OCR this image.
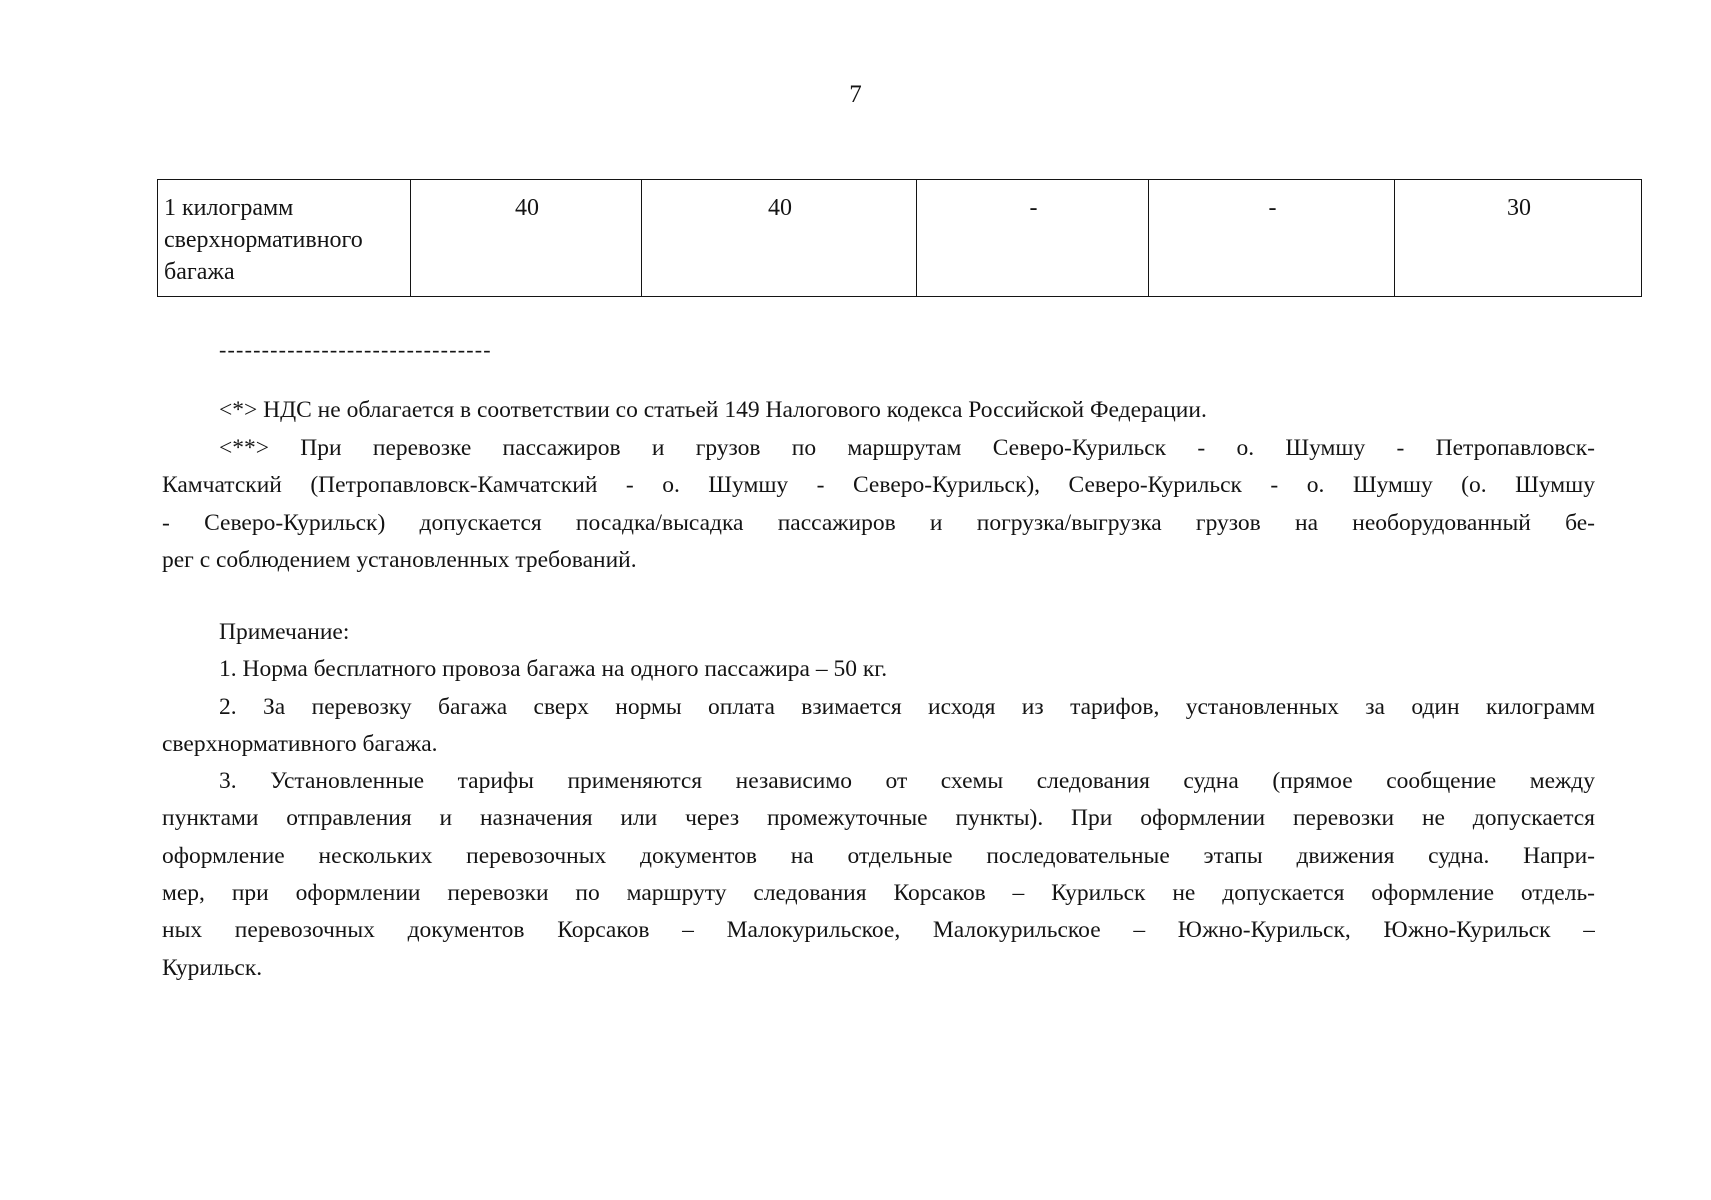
7
1 килограмм
сверхнормативного
багажа
	40	40	-	-	30
--------------------------------
<*> НДС не облагается в соответствии со статьей 149 Налогового кодекса Российской Федерации.
<**> При перевозке пассажиров и грузов по маршрутам Северо-Курильск - о. Шумшу - Петропавловск-
Камчатский (Петропавловск-Камчатский - о. Шумшу - Северо-Курильск), Северо-Курильск - о. Шумшу (о. Шумшу
- Северо-Курильск) допускается посадка/высадка пассажиров и погрузка/выгрузка грузов на необорудованный бе-
рег с соблюдением установленных требований.
Примечание:
1. Норма бесплатного провоза багажа на одного пассажира – 50 кг.
2. За перевозку багажа сверх нормы оплата взимается исходя из тарифов, установленных за один килограмм
сверхнормативного багажа.
3. Установленные тарифы применяются независимо от схемы следования судна (прямое сообщение между
пунктами отправления и назначения или через промежуточные пункты). При оформлении перевозки не допускается
оформление нескольких перевозочных документов на отдельные последовательные этапы движения судна. Напри-
мер, при оформлении перевозки по маршруту следования Корсаков – Курильск не допускается оформление отдель-
ных перевозочных документов Корсаков – Малокурильское, Малокурильское – Южно-Курильск, Южно-Курильск –
Курильск.
